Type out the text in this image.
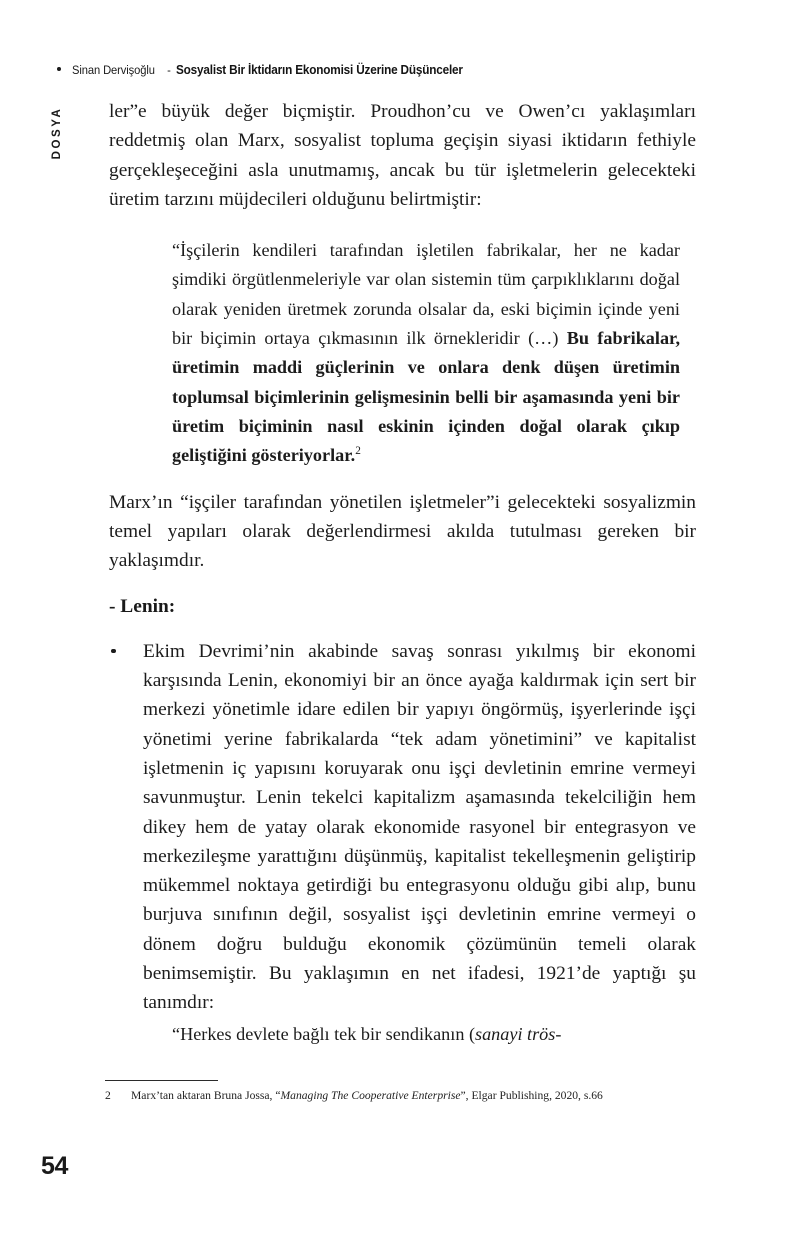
Sinan Dervişoğlu - Sosyalist Bir İktidarın Ekonomisi Üzerine Düşünceler
DOSYA ler”e büyük değer biçmiştir. Proudhon’cu ve Owen’cı yaklaşımları reddetmiş olan Marx, sosyalist topluma geçişin siyasi iktidarın fethiyle gerçekleşeceğini asla unutmamış, ancak bu tür işletmelerin gelecekteki üretim tarzını müjdecileri olduğunu belirtmiştir:

“İşçilerin kendileri tarafından işletilen fabrikalar, her ne kadar şimdiki örgütlenmeleriyle var olan sistemin tüm çarpıklıklarını doğal olarak yeniden üretmek zorunda olsalar da, eski biçimin içinde yeni bir biçimin ortaya çıkmasının ilk örnekleridir (…) Bu fabrikalar, üretimin maddi güçlerinin ve onlara denk düşen üretimin toplumsal biçimlerinin gelişmesinin belli bir aşamasında yeni bir üretim biçiminin nasıl eskinin içinden doğal olarak çıkıp geliştiğini gösteriyorlar.$^2$

Marx’ın “işçiler tarafından yönetilen işletmeler”i gelecekteki sosyalizmin temel yapıları olarak değerlendirmesi akılda tutulması gereken bir yaklaşımdır.

- Lenin:

Ekim Devrimi’nin akabinde savaş sonrası yıkılmış bir ekonomi karşısında Lenin, ekonomiyi bir an önce ayağa kaldırmak için sert bir merkezi yönetimle idare edilen bir yapıyı öngörmüş, işyerlerinde işçi yönetimi yerine fabrikalarda “tek adam yönetimini” ve kapitalist işletmenin iç yapısını koruyarak onu işçi devletinin emrine vermeyi savunmuştur. Lenin tekelci kapitalizm aşamasında tekelciliğin hem dikey hem de yatay olarak ekonomide rasyonel bir entegrasyon ve merkezileşme yarattığını düşünmüş, kapitalist tekelleşmenin geliştirip mükemmel noktaya getirdiği bu entegrasyonu olduğu gibi alıp, bunu burjuva sınıfının değil, sosyalist işçi devletinin emrine vermeyi o dönem doğru bulduğu ekonomik çözümünün temeli olarak benimsemiştir. Bu yaklaşımın en net ifadesi, 1921’de yaptığı şu tanımdır:

“Herkes devlete bağlı tek bir sendikanın (sanayi trös-

2 Marx’tan aktaran Bruna Jossa, “Managing The Cooperative Enterprise”, Elgar Publishing, 2020, s.66

54
